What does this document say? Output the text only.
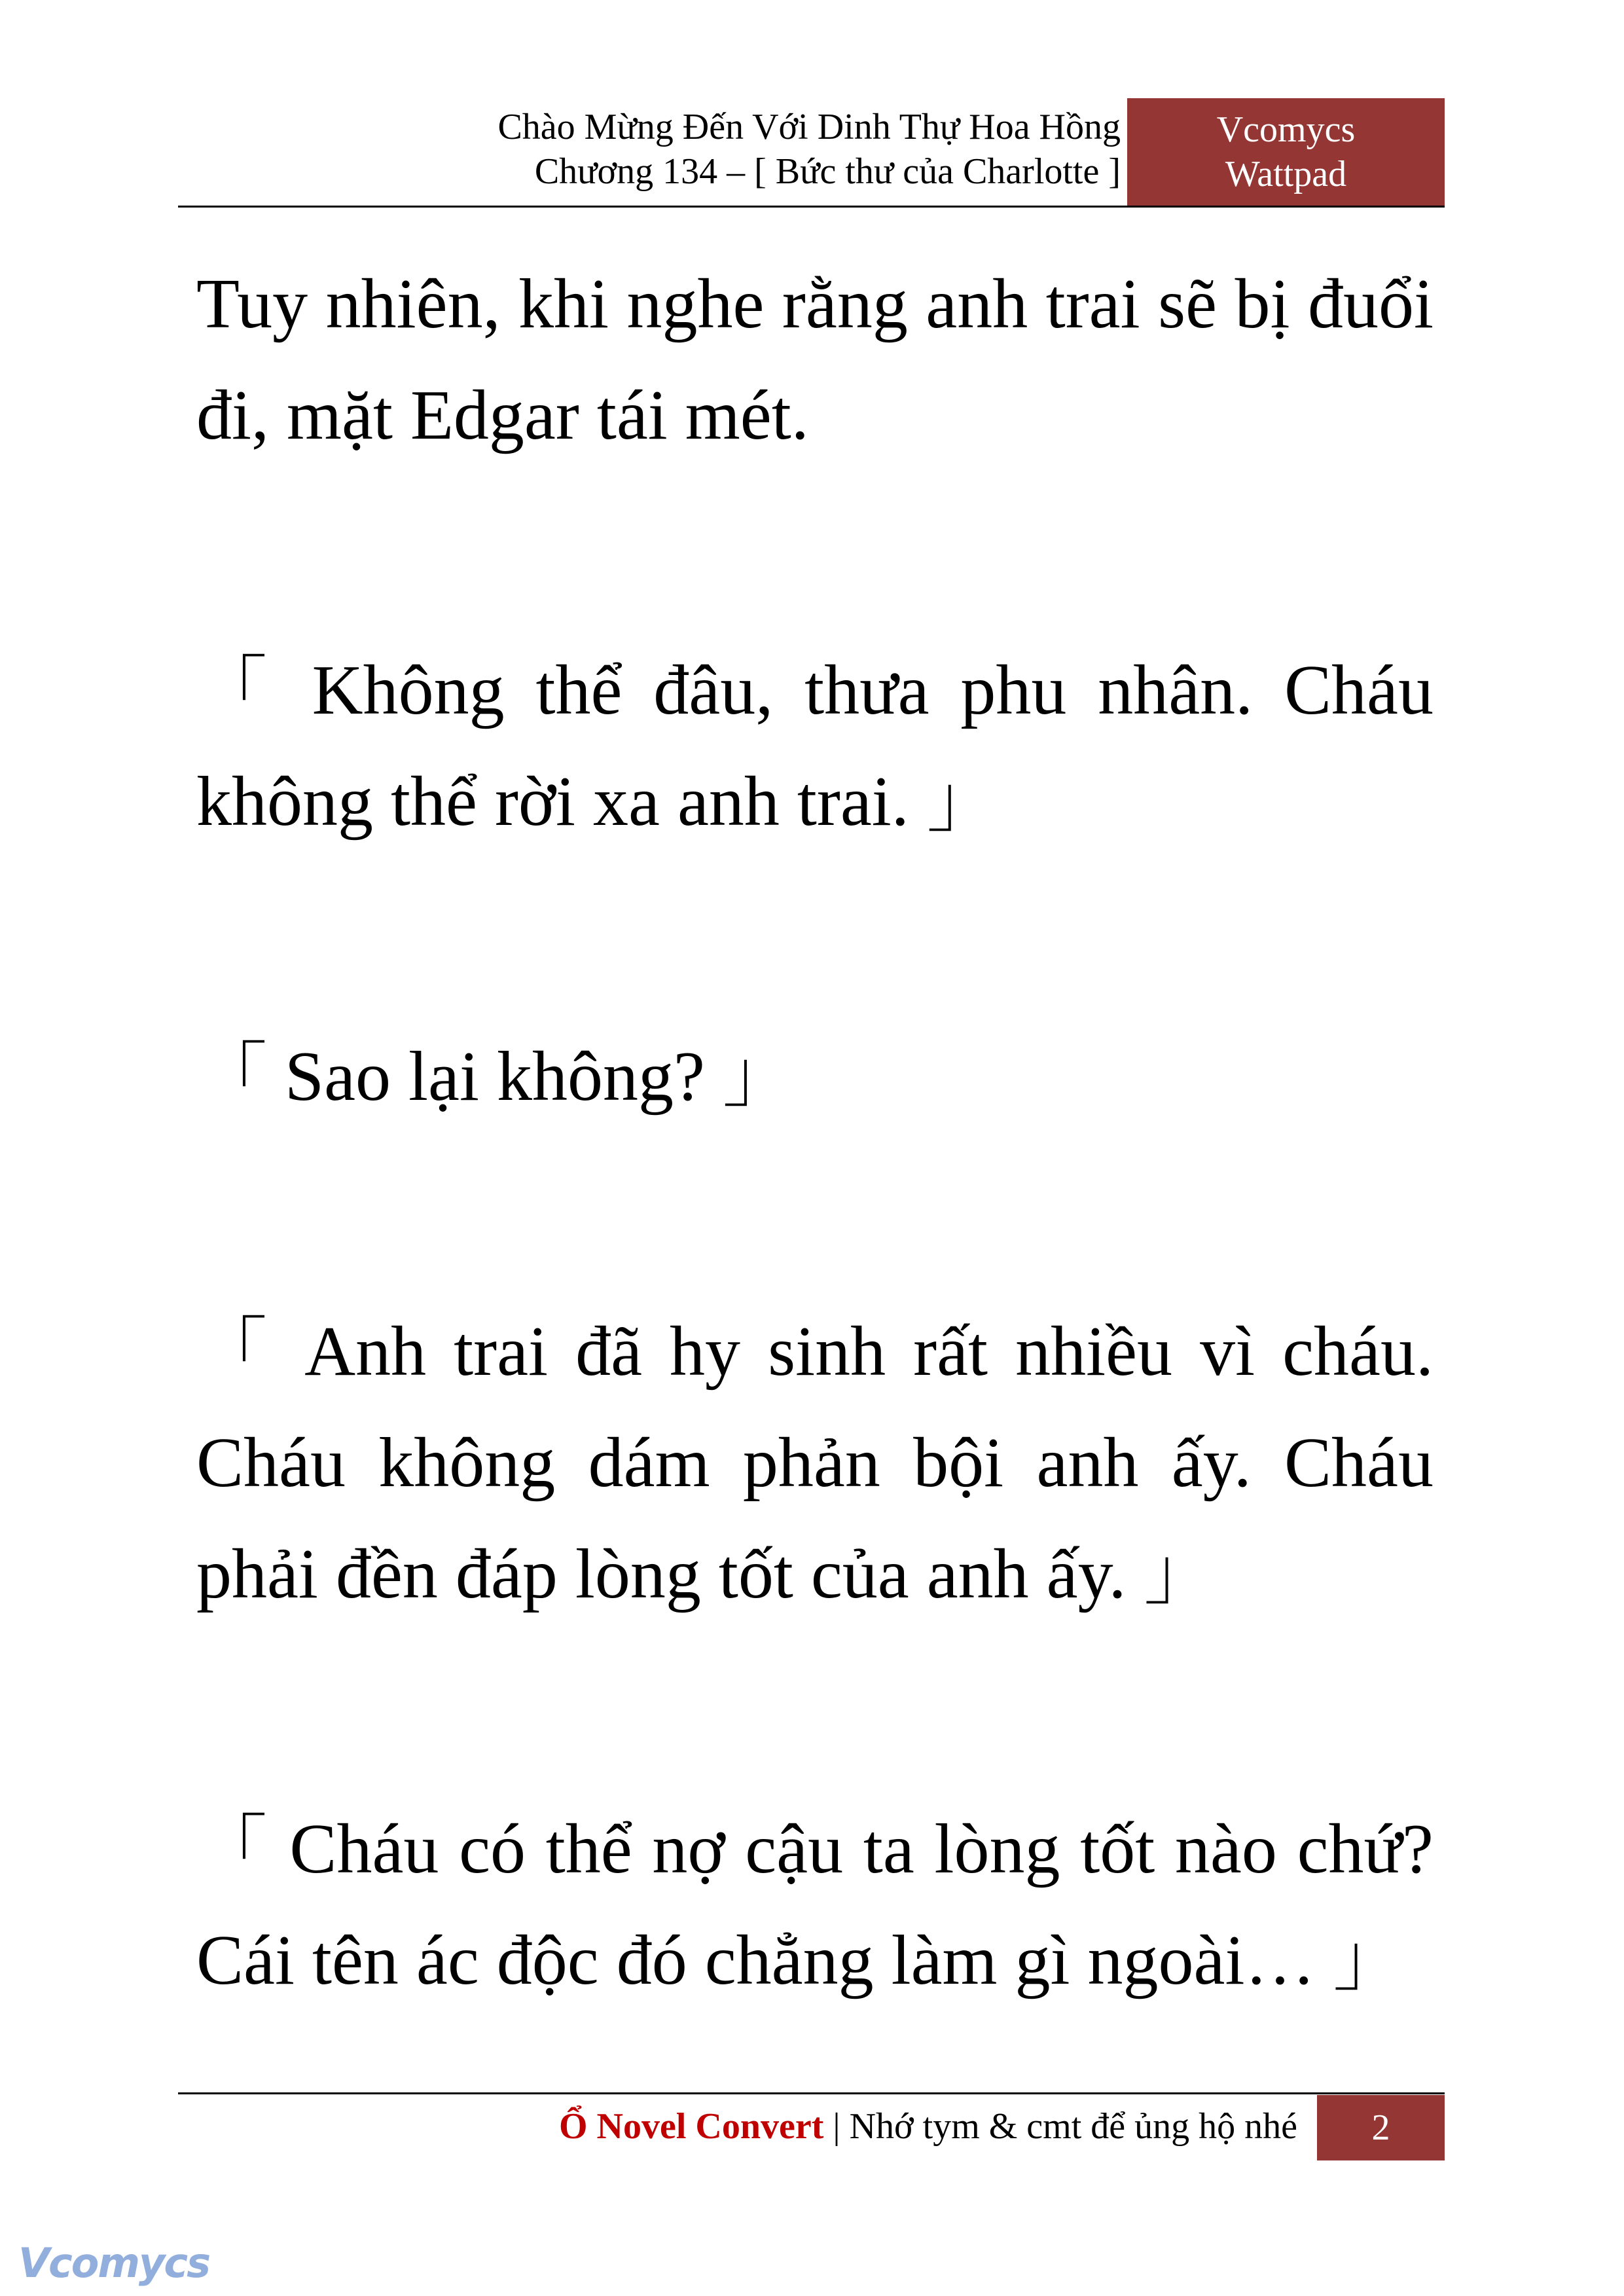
Chào Mừng Đến Với Dinh Thự Hoa Hồng
Chương 134 – [ Bức thư của Charlotte ]
Vcomycs
Wattpad

Tuy nhiên, khi nghe rằng anh trai sẽ bị đuổi đi, mặt Edgar tái mét.

「 Không thể đâu, thưa phu nhân. Cháu không thể rời xa anh trai. 」

「 Sao lại không? 」

「 Anh trai đã hy sinh rất nhiều vì cháu. Cháu không dám phản bội anh ấy. Cháu phải đền đáp lòng tốt của anh ấy. 」

「 Cháu có thể nợ cậu ta lòng tốt nào chứ? Cái tên ác độc đó chẳng làm gì ngoài… 」

Ổ Novel Convert | Nhớ tym & cmt để ủng hộ nhé	2
Vcomycs
